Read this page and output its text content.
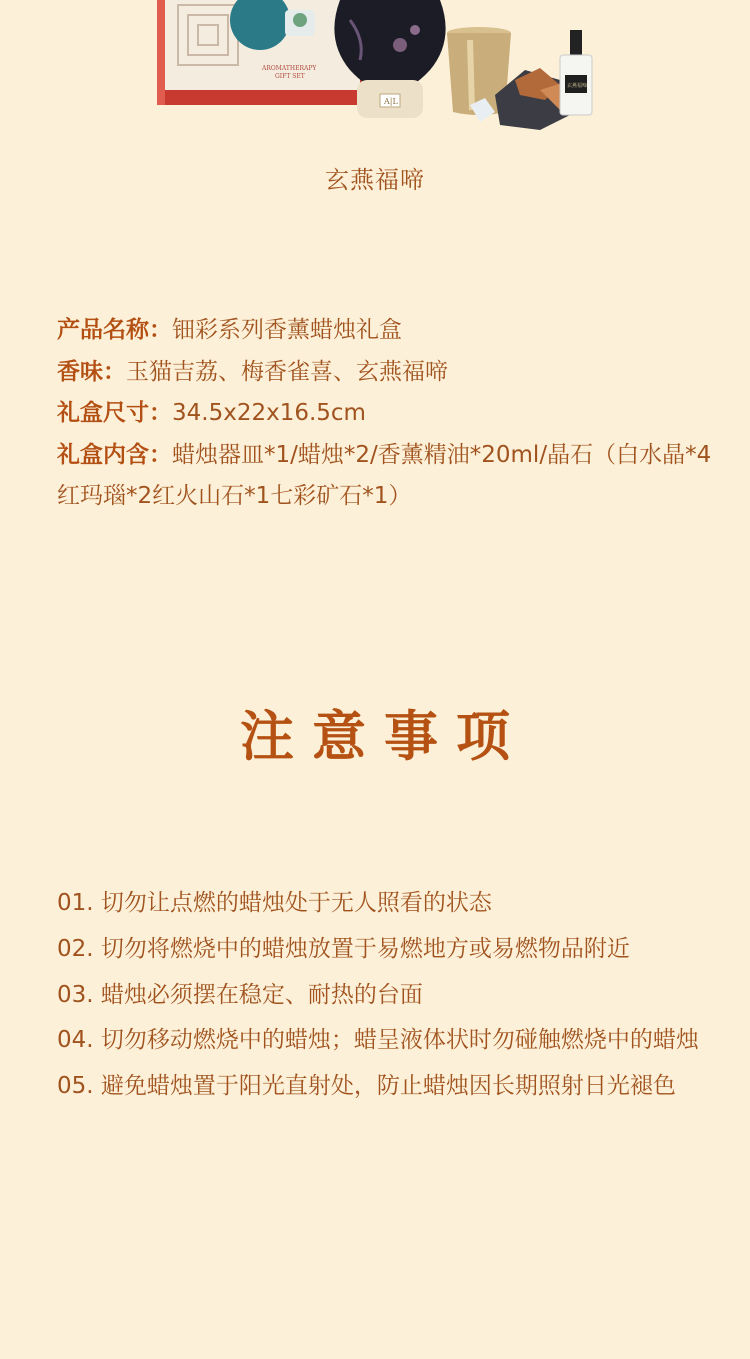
AROMATHERAPY
GIFT SET
A|L
玄燕福啼
玄燕福啼
产品名称：钿彩系列香薰蜡烛礼盒
香味：玉猫吉荔、梅香雀喜、玄燕福啼
礼盒尺寸：34.5x22x16.5cm
礼盒内含：蜡烛器皿*1/蜡烛*2/香薰精油*20ml/晶石（白水晶*4红玛瑙*2红火山石*1七彩矿石*1）
注意事项
01. 切勿让点燃的蜡烛处于无人照看的状态
02. 切勿将燃烧中的蜡烛放置于易燃地方或易燃物品附近
03. 蜡烛必须摆在稳定、耐热的台面
04. 切勿移动燃烧中的蜡烛；蜡呈液体状时勿碰触燃烧中的蜡烛
05. 避免蜡烛置于阳光直射处，防止蜡烛因长期照射日光褪色
